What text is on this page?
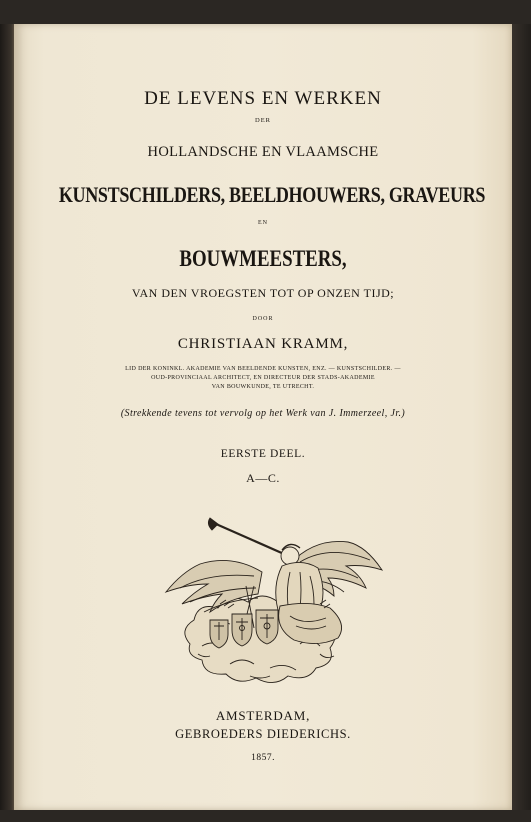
DE LEVENS EN WERKEN
DER
HOLLANDSCHE EN VLAAMSCHE
KUNSTSCHILDERS, BEELDHOUWERS, GRAVEURS
EN
BOUWMEESTERS,
VAN DEN VROEGSTEN TOT OP ONZEN TIJD;
DOOR
CHRISTIAAN KRAMM,
LID DER KONINKL. AKADEMIE VAN BEELDENDE KUNSTEN, ENZ. — KUNSTSCHILDER. —
OUD-PROVINCIAAL ARCHITECT, EN DIRECTEUR DER STADS-AKADEMIE
VAN BOUWKUNDE, TE UTRECHT.
(Strekkende tevens tot vervolg op het Werk van J. Immerzeel, Jr.)
EERSTE DEEL.
A—C.
AMSTERDAM,
GEBROEDERS DIEDERICHS.
1857.
